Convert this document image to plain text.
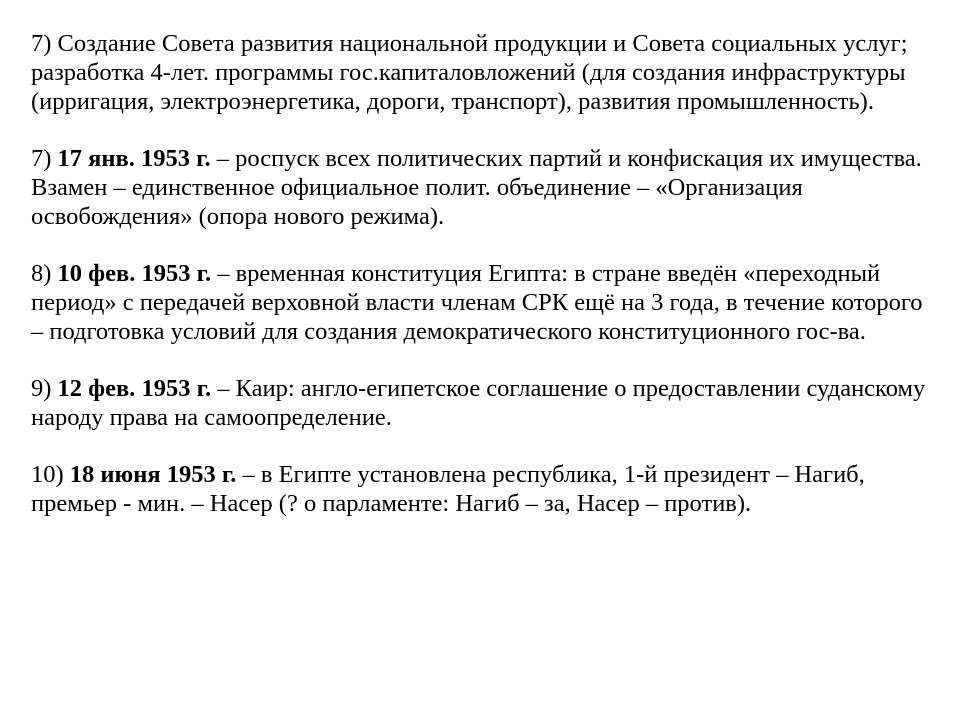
7) Создание Совета развития национальной продукции и Совета социальных услуг; разработка 4-лет. программы гос.капиталовложений (для создания инфраструктуры (ирригация, электроэнергетика, дороги, транспорт), развития промышленность).

7) 17 янв. 1953 г. – роспуск всех политических партий и конфискация их имущества. Взамен – единственное официальное полит. объединение – «Организация освобождения» (опора нового режима).

8) 10 фев. 1953 г. – временная конституция Египта: в стране введён «переходный период» с передачей верховной власти членам СРК ещё на 3 года, в течение которого – подготовка условий для создания демократического конституционного гос-ва.

9) 12 фев. 1953 г. – Каир: англо-египетское соглашение о предоставлении суданскому народу права на самоопределение.

10) 18 июня 1953 г. – в Египте установлена республика, 1-й президент – Нагиб, премьер - мин. – Насер (? о парламенте: Нагиб – за, Насер – против).
